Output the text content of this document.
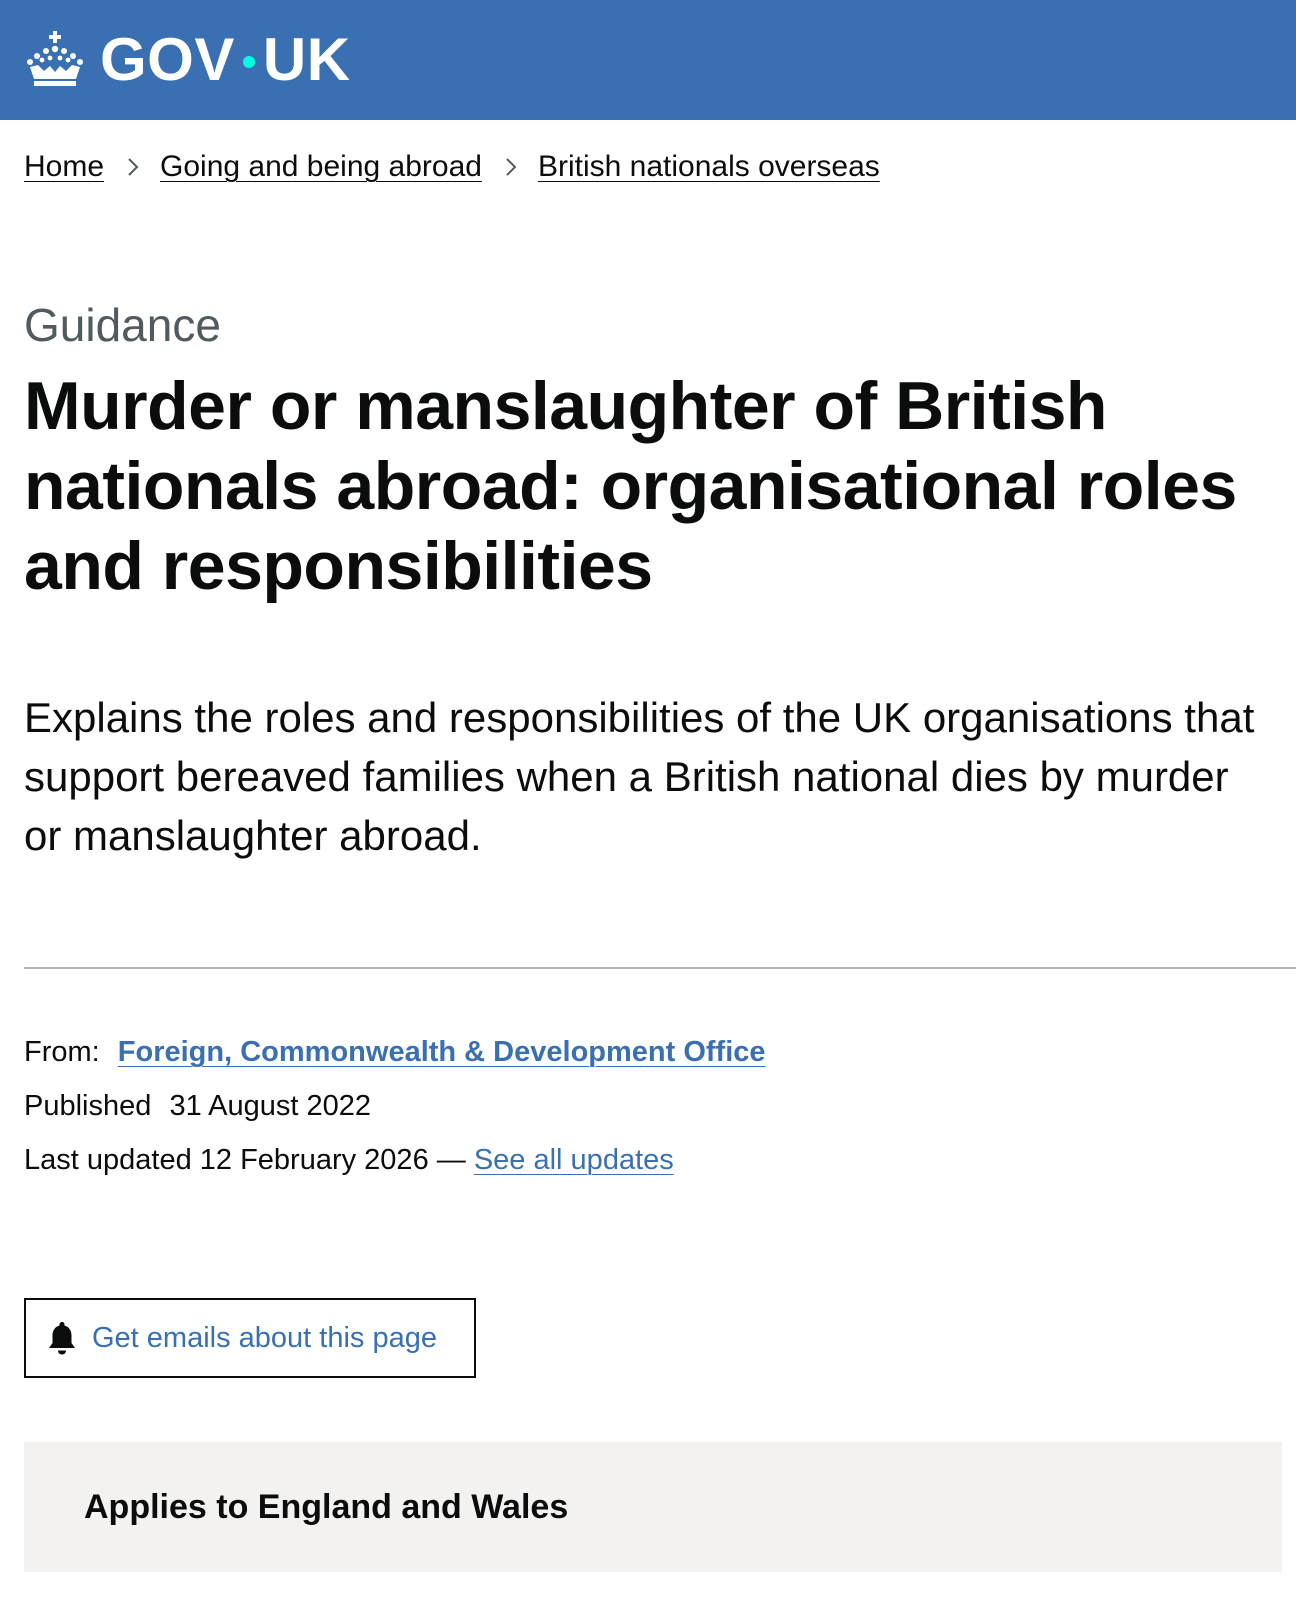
GOV UK
Home Going and being abroad British nationals overseas
Guidance
Murder or manslaughter of British nationals abroad: organisational roles and responsibilities

Explains the roles and responsibilities of the UK organisations that support bereaved families when a British national dies by murder or manslaughter abroad.

From: Foreign, Commonwealth & Development Office
Published 31 August 2022
Last updated 12 February 2026 — See all updates
Get emails about this page
Applies to England and Wales
